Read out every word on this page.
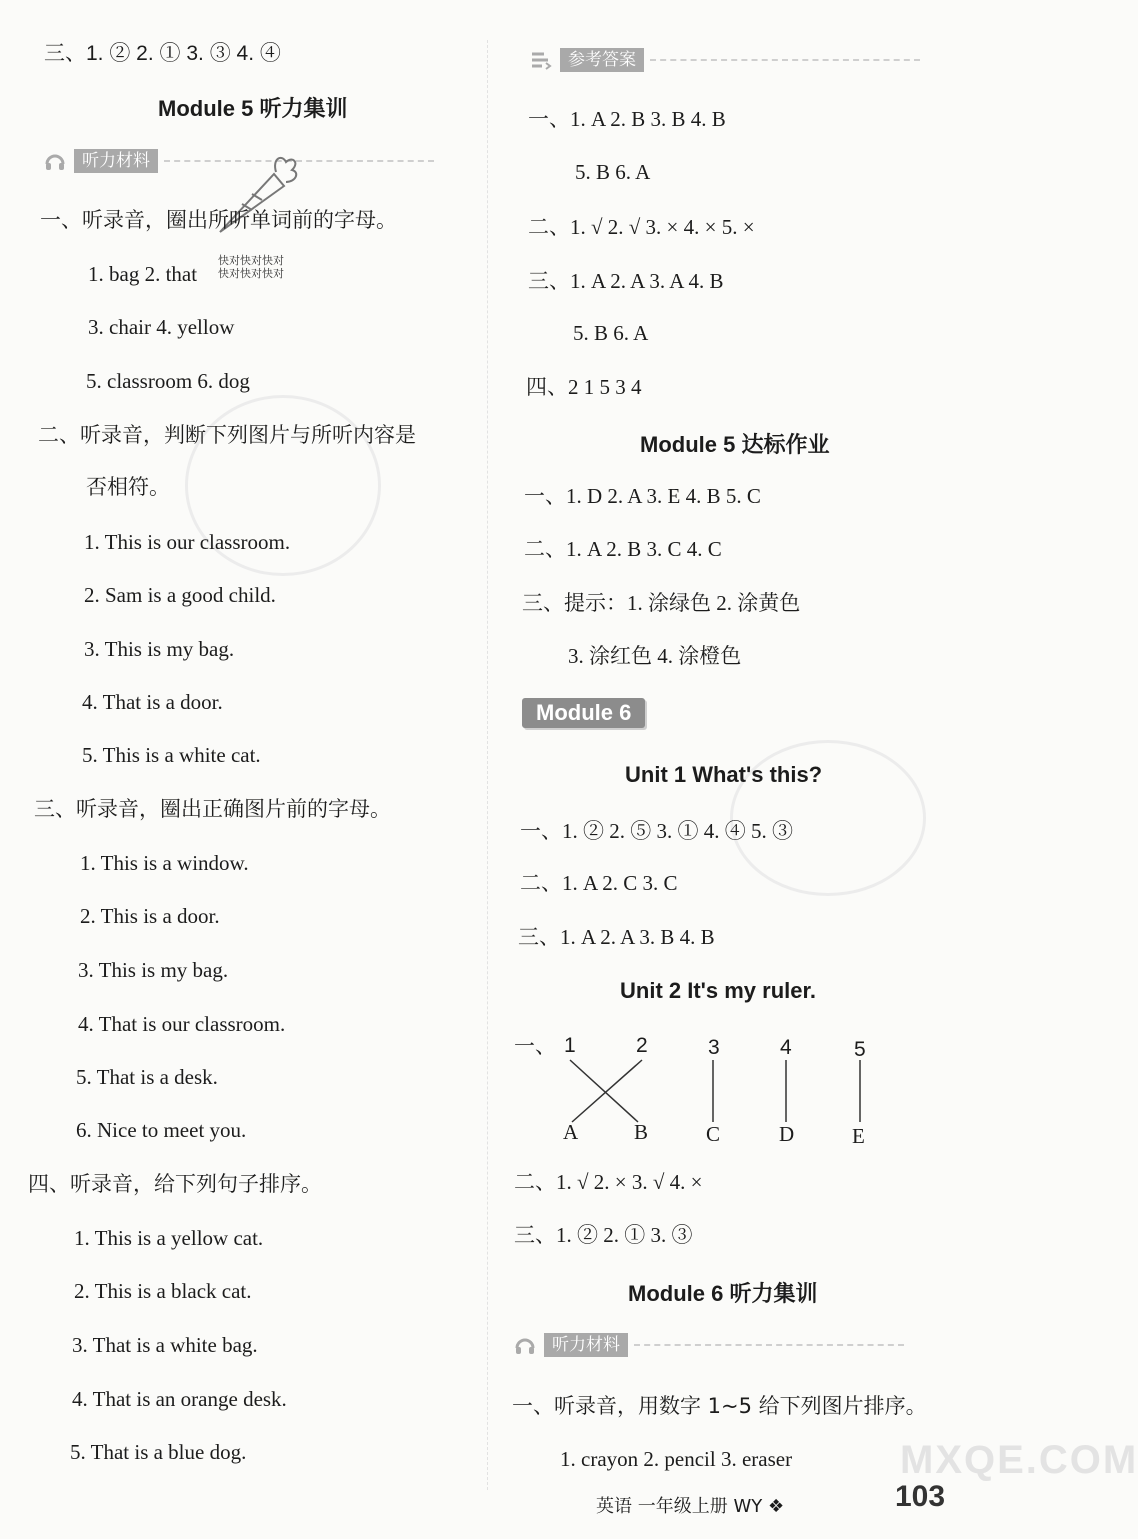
三、1. ② 2. ① 3. ③ 4. ④
Module 5 听力集训
听力材料
快对快对快对
快对快对快对
一、听录音，圈出所听单词前的字母。
1. bag 2. that
3. chair 4. yellow
5. classroom 6. dog
二、听录音，判断下列图片与所听内容是
否相符。
1. This is our classroom.
2. Sam is a good child.
3. This is my bag.
4. That is a door.
5. This is a white cat.
三、听录音，圈出正确图片前的字母。
1. This is a window.
2. This is a door.
3. This is my bag.
4. That is our classroom.
5. That is a desk.
6. Nice to meet you.
四、听录音，给下列句子排序。
1. This is a yellow cat.
2. This is a black cat.
3. That is a white bag.
4. That is an orange desk.
5. That is a blue dog.
参考答案
一、1. A 2. B 3. B 4. B
5. B 6. A
二、1. √ 2. √ 3. × 4. × 5. ×
三、1. A 2. A 3. A 4. B
5. B 6. A
四、2 1 5 3 4
Module 5 达标作业
一、1. D 2. A 3. E 4. B 5. C
二、1. A 2. B 3. C 4. C
三、提示：1. 涂绿色 2. 涂黄色
3. 涂红色 4. 涂橙色
Module 6
Unit 1 What's this?
一、1. ② 2. ⑤ 3. ① 4. ④ 5. ③
二、1. A 2. C 3. C
三、1. A 2. A 3. B 4. B
Unit 2 It's my ruler.
一、 1	2	3	4	5
A	B	C	D	E
二、1. √ 2. × 3. √ 4. ×
三、1. ② 2. ① 3. ③
Module 6 听力集训
听力材料
一、听录音，用数字 1~5 给下列图片排序。
1. crayon 2. pencil 3. eraser	MXQE.COM
英语 一年级上册 WY ❖	103
